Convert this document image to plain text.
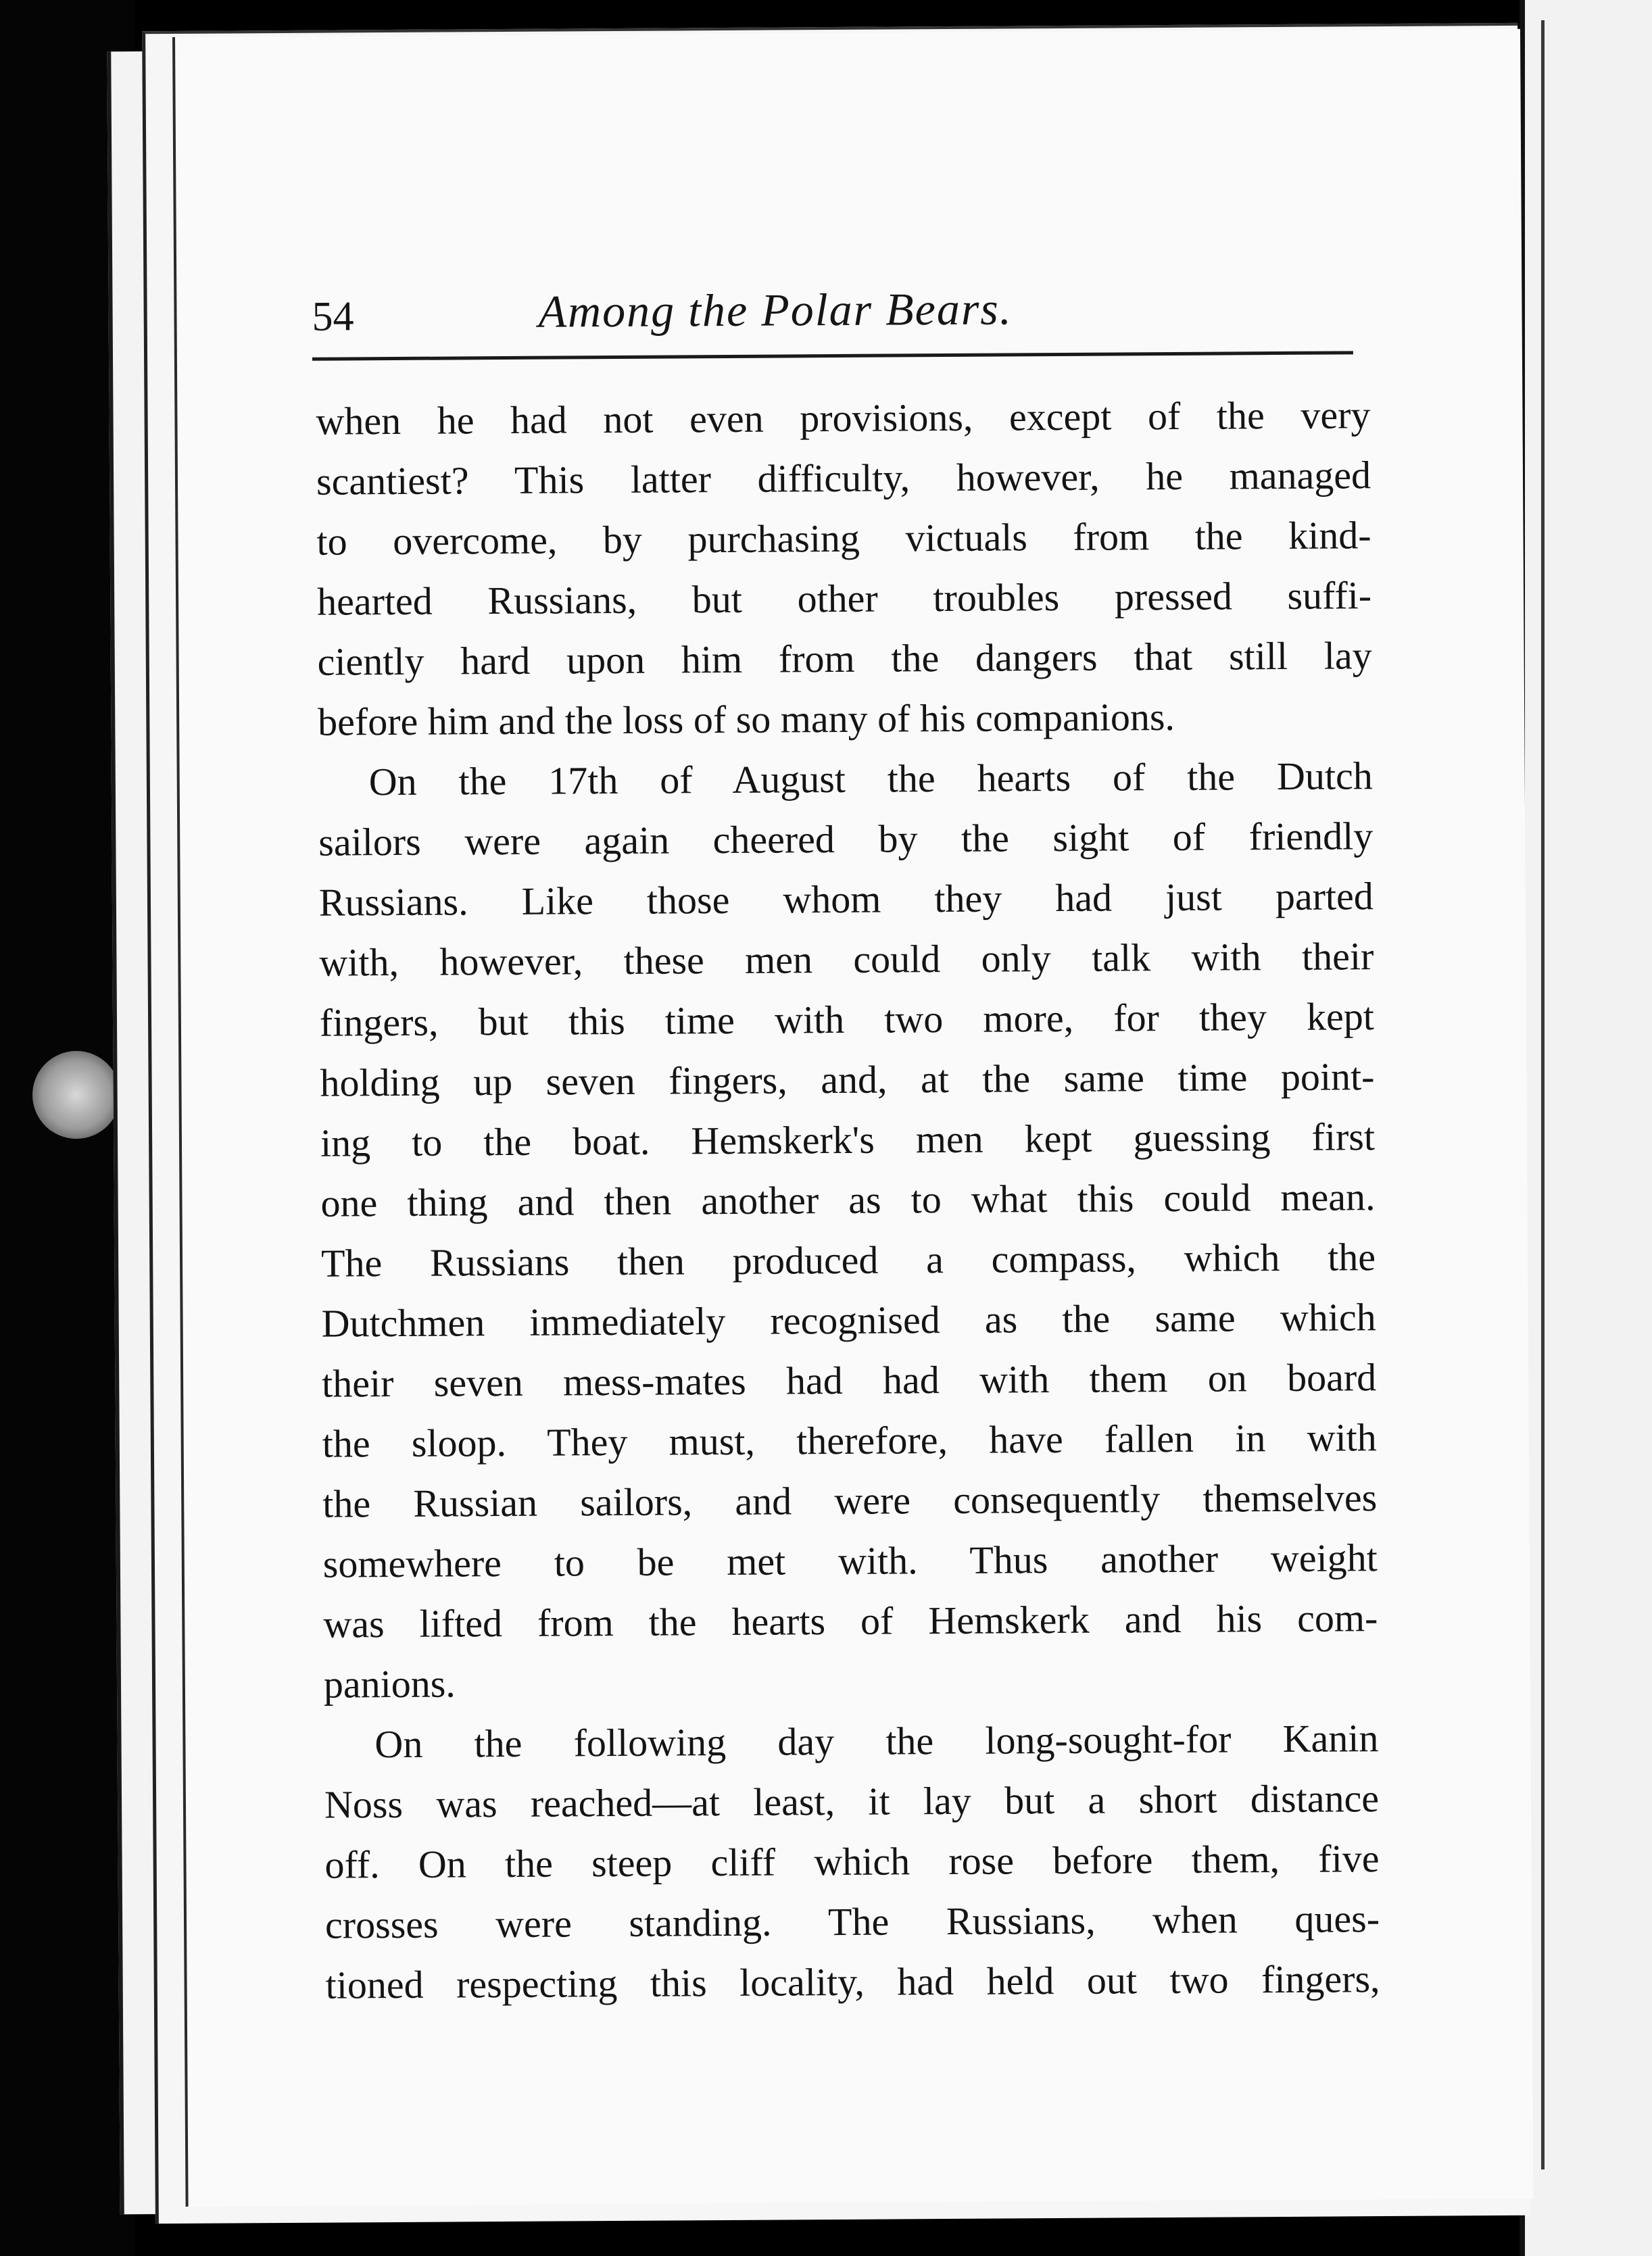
54	Among the Polar Bears.
when he had not even provisions, except of the very
scantiest? This latter difficulty, however, he managed
to overcome, by purchasing victuals from the kind-
hearted Russians, but other troubles pressed suffi-
ciently hard upon him from the dangers that still lay
before him and the loss of so many of his companions.
On the 17th of August the hearts of the Dutch
sailors were again cheered by the sight of friendly
Russians. Like those whom they had just parted
with, however, these men could only talk with their
fingers, but this time with two more, for they kept
holding up seven fingers, and, at the same time point-
ing to the boat. Hemskerk's men kept guessing first
one thing and then another as to what this could mean.
The Russians then produced a compass, which the
Dutchmen immediately recognised as the same which
their seven mess-mates had had with them on board
the sloop. They must, therefore, have fallen in with
the Russian sailors, and were consequently themselves
somewhere to be met with. Thus another weight
was lifted from the hearts of Hemskerk and his com-
panions.
On the following day the long-sought-for Kanin
Noss was reached—at least, it lay but a short distance
off. On the steep cliff which rose before them, five
crosses were standing. The Russians, when ques-
tioned respecting this locality, had held out two fingers,
